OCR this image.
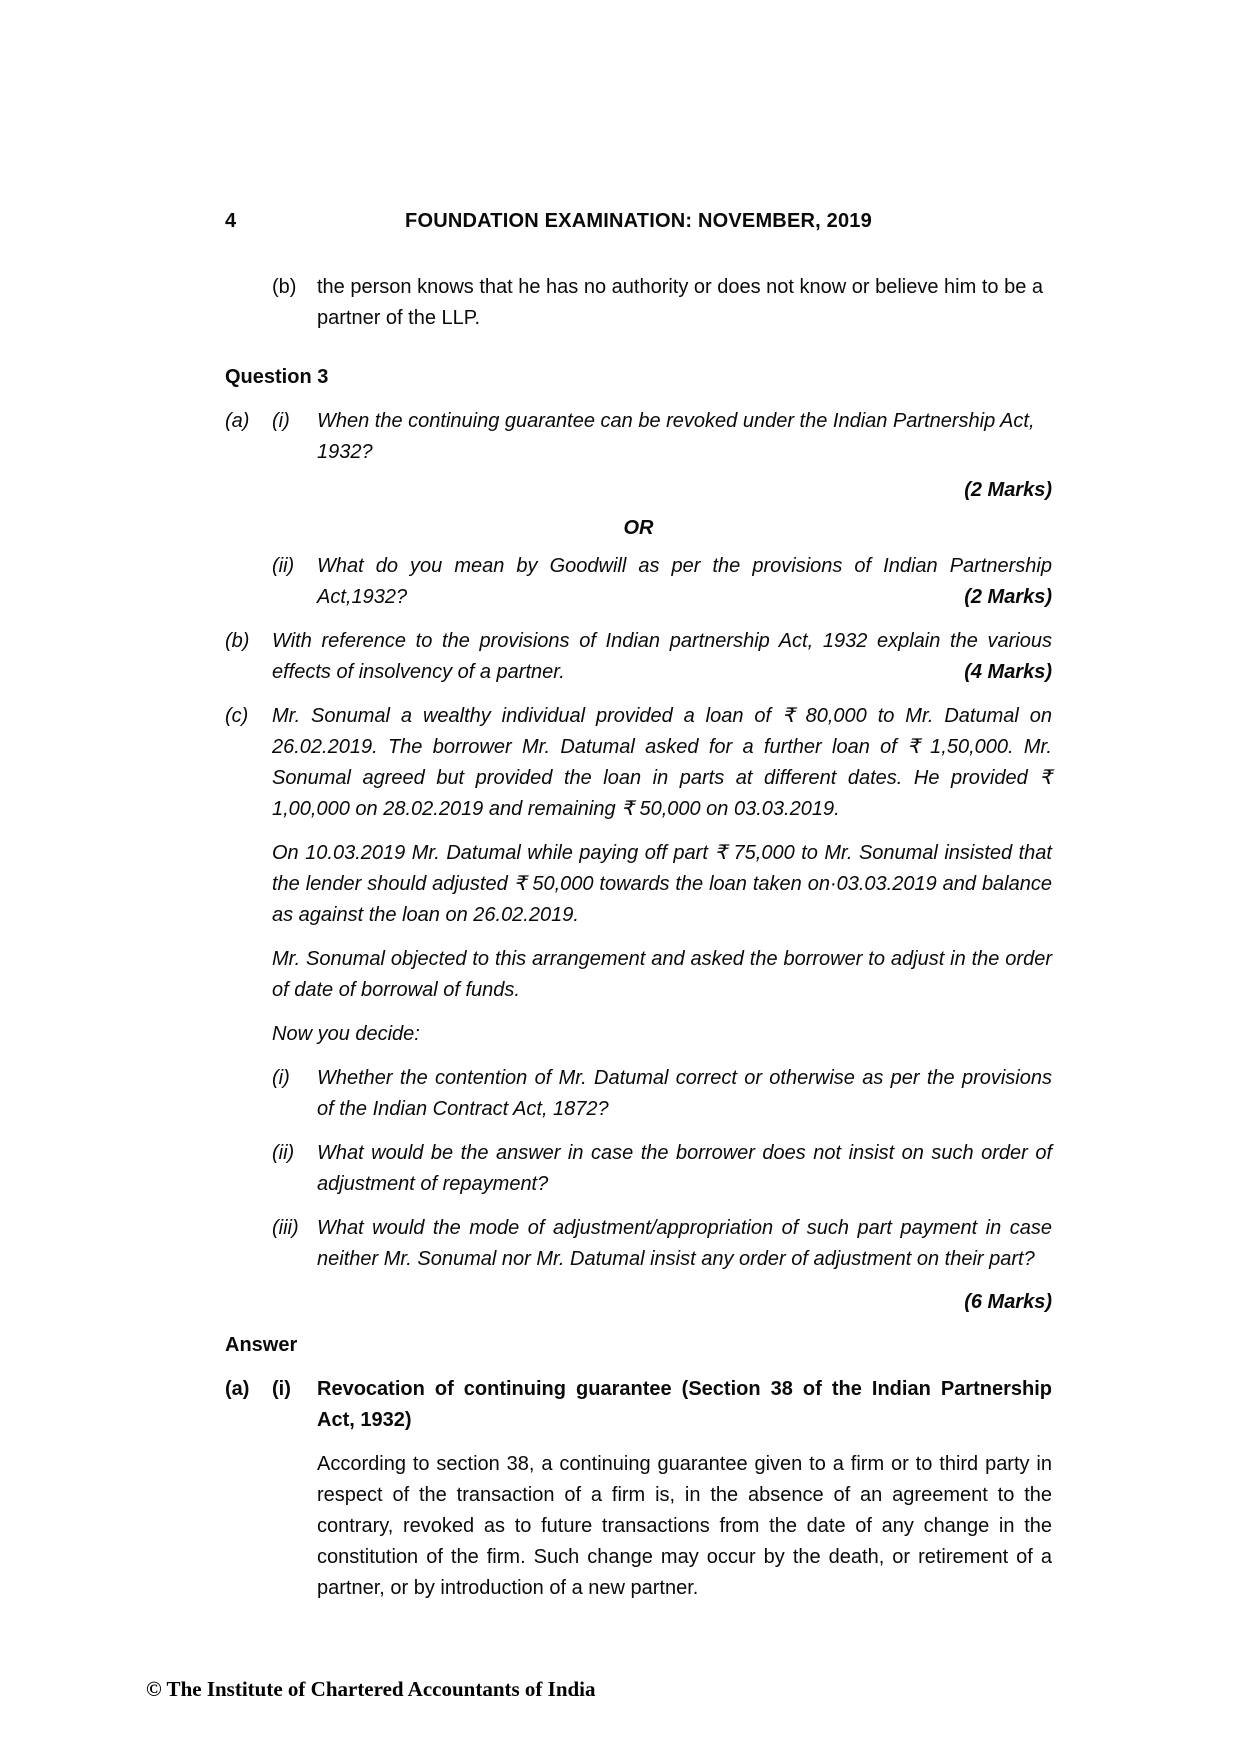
4	FOUNDATION EXAMINATION: NOVEMBER, 2019
(b)	the person knows that he has no authority or does not know or believe him to be a partner of the LLP.
Question 3
(a)	(i)	When the continuing guarantee can be revoked under the Indian Partnership Act, 1932?
(2 Marks)
OR
(ii)	What do you mean by Goodwill as per the provisions of Indian Partnership Act,1932?	(2 Marks)
(b)	With reference to the provisions of Indian partnership Act, 1932 explain the various effects of insolvency of a partner.	(4 Marks)
(c)	Mr. Sonumal a wealthy individual provided a loan of ₹ 80,000 to Mr. Datumal on 26.02.2019. The borrower Mr. Datumal asked for a further loan of ₹ 1,50,000. Mr. Sonumal agreed but provided the loan in parts at different dates. He provided ₹ 1,00,000 on 28.02.2019 and remaining ₹ 50,000 on 03.03.2019.

On 10.03.2019 Mr. Datumal while paying off part ₹ 75,000 to Mr. Sonumal insisted that the lender should adjusted ₹ 50,000 towards the loan taken on·03.03.2019 and balance as against the loan on 26.02.2019.

Mr. Sonumal objected to this arrangement and asked the borrower to adjust in the order of date of borrowal of funds.

Now you decide:

(i)	Whether the contention of Mr. Datumal correct or otherwise as per the provisions of the Indian Contract Act, 1872?
(ii)	What would be the answer in case the borrower does not insist on such order of adjustment of repayment?
(iii) What would the mode of adjustment/appropriation of such part payment in case neither Mr. Sonumal nor Mr. Datumal insist any order of adjustment on their part?
(6 Marks)
Answer
(a)	(i)	Revocation of continuing guarantee (Section 38 of the Indian Partnership Act, 1932)

According to section 38, a continuing guarantee given to a firm or to third party in respect of the transaction of a firm is, in the absence of an agreement to the contrary, revoked as to future transactions from the date of any change in the constitution of the firm. Such change may occur by the death, or retirement of a partner, or by introduction of a new partner.

© The Institute of Chartered Accountants of India
